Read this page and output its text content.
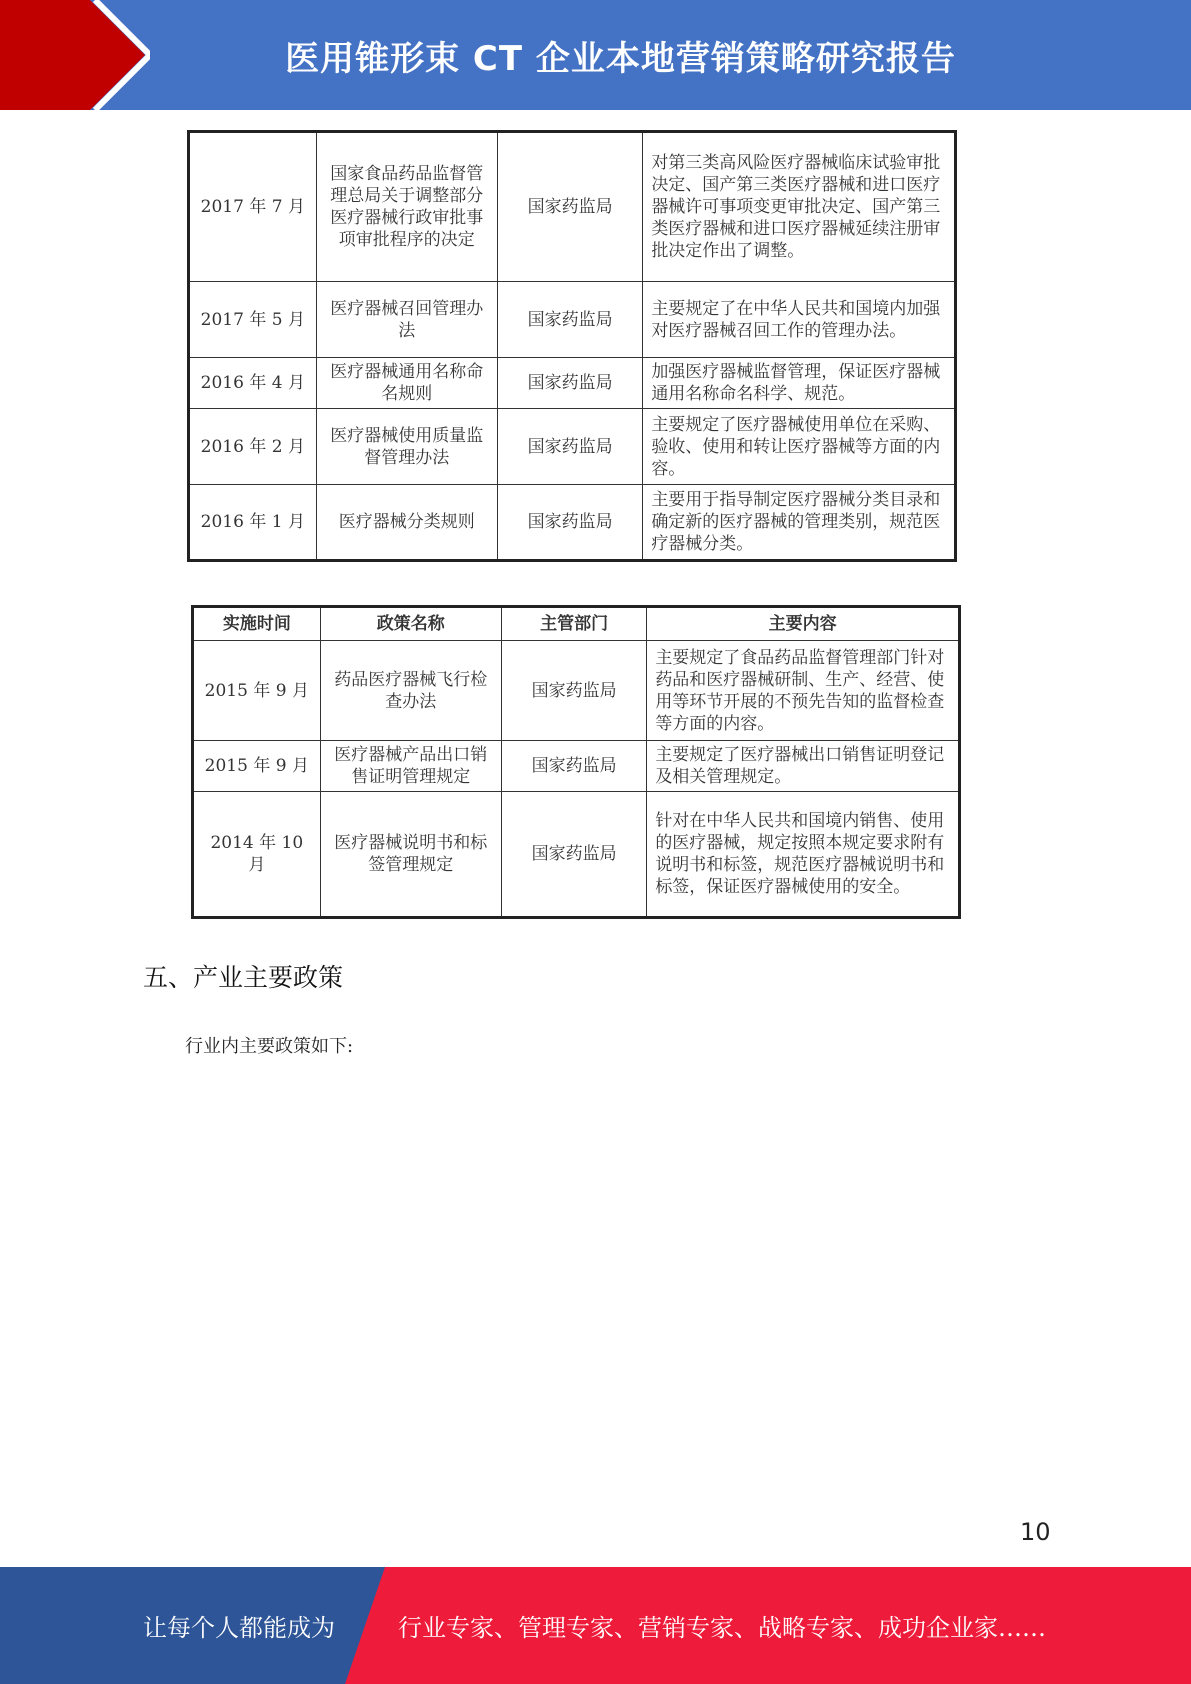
医用锥形束 CT 企业本地营销策略研究报告
2017 年 7 月	国家食品药品监督管理总局关于调整部分医疗器械行政审批事项审批程序的决定	国家药监局	对第三类高风险医疗器械临床试验审批决定、国产第三类医疗器械和进口医疗器械许可事项变更审批决定、国产第三类医疗器械和进口医疗器械延续注册审批决定作出了调整。
2017 年 5 月	医疗器械召回管理办法	国家药监局	主要规定了在中华人民共和国境内加强对医疗器械召回工作的管理办法。
2016 年 4 月	医疗器械通用名称命名规则	国家药监局	加强医疗器械监督管理，保证医疗器械通用名称命名科学、规范。
2016 年 2 月	医疗器械使用质量监督管理办法	国家药监局	主要规定了医疗器械使用单位在采购、验收、使用和转让医疗器械等方面的内容。
2016 年 1 月	医疗器械分类规则	国家药监局	主要用于指导制定医疗器械分类目录和确定新的医疗器械的管理类别，规范医疗器械分类。
实施时间	政策名称	主管部门	主要内容
2015 年 9 月	药品医疗器械飞行检查办法	国家药监局	主要规定了食品药品监督管理部门针对药品和医疗器械研制、生产、经营、使用等环节开展的不预先告知的监督检查等方面的内容。
2015 年 9 月	医疗器械产品出口销售证明管理规定	国家药监局	主要规定了医疗器械出口销售证明登记及相关管理规定。
2014 年 10 月	医疗器械说明书和标签管理规定	国家药监局	针对在中华人民共和国境内销售、使用的医疗器械，规定按照本规定要求附有说明书和标签，规范医疗器械说明书和标签，保证医疗器械使用的安全。
五、产业主要政策
行业内主要政策如下:
10
让每个人都能成为	行业专家、管理专家、营销专家、战略专家、成功企业家……
